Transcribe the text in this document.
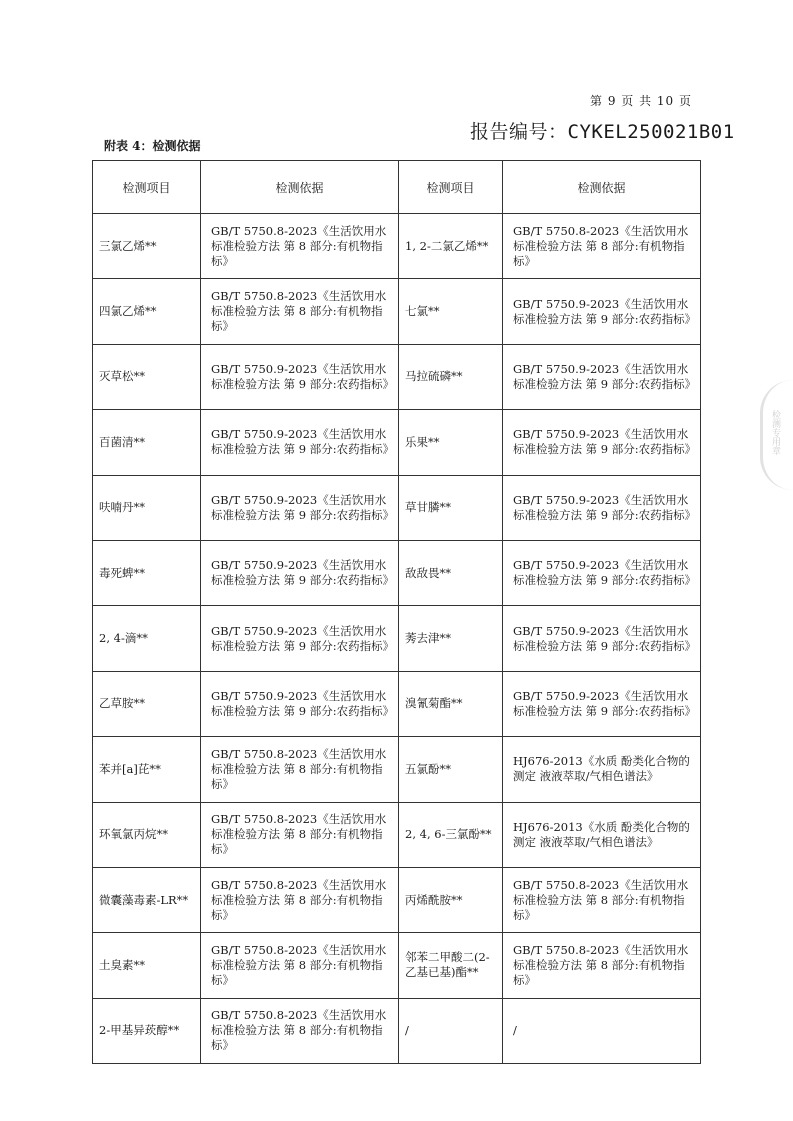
第 9 页 共 10 页
报告编号：CYKEL250021B01
附表 4：检测依据
检测项目	检测依据	检测项目	检测依据
三氯乙烯**	GB/T 5750.8-2023《生活饮用水标准检验方法 第 8 部分:有机物指标》	1, 2-二氯乙烯**	GB/T 5750.8-2023《生活饮用水标准检验方法 第 8 部分:有机物指标》
四氯乙烯**	GB/T 5750.8-2023《生活饮用水标准检验方法 第 8 部分:有机物指标》	七氯**	GB/T 5750.9-2023《生活饮用水标准检验方法 第 9 部分:农药指标》
灭草松**	GB/T 5750.9-2023《生活饮用水标准检验方法 第 9 部分:农药指标》	马拉硫磷**	GB/T 5750.9-2023《生活饮用水标准检验方法 第 9 部分:农药指标》
百菌清**	GB/T 5750.9-2023《生活饮用水标准检验方法 第 9 部分:农药指标》	乐果**	GB/T 5750.9-2023《生活饮用水标准检验方法 第 9 部分:农药指标》
呋喃丹**	GB/T 5750.9-2023《生活饮用水标准检验方法 第 9 部分:农药指标》	草甘膦**	GB/T 5750.9-2023《生活饮用水标准检验方法 第 9 部分:农药指标》
毒死蜱**	GB/T 5750.9-2023《生活饮用水标准检验方法 第 9 部分:农药指标》	敌敌畏**	GB/T 5750.9-2023《生活饮用水标准检验方法 第 9 部分:农药指标》
2, 4-滴**	GB/T 5750.9-2023《生活饮用水标准检验方法 第 9 部分:农药指标》	莠去津**	GB/T 5750.9-2023《生活饮用水标准检验方法 第 9 部分:农药指标》
乙草胺**	GB/T 5750.9-2023《生活饮用水标准检验方法 第 9 部分:农药指标》	溴氰菊酯**	GB/T 5750.9-2023《生活饮用水标准检验方法 第 9 部分:农药指标》
苯并[a]芘**	GB/T 5750.8-2023《生活饮用水标准检验方法 第 8 部分:有机物指标》	五氯酚**	HJ676-2013《水质 酚类化合物的测定 液液萃取/气相色谱法》
环氧氯丙烷**	GB/T 5750.8-2023《生活饮用水标准检验方法 第 8 部分:有机物指标》	2, 4, 6-三氯酚**	HJ676-2013《水质 酚类化合物的测定 液液萃取/气相色谱法》
微囊藻毒素-LR**	GB/T 5750.8-2023《生活饮用水标准检验方法 第 8 部分:有机物指标》	丙烯酰胺**	GB/T 5750.8-2023《生活饮用水标准检验方法 第 8 部分:有机物指标》
土臭素**	GB/T 5750.8-2023《生活饮用水标准检验方法 第 8 部分:有机物指标》	邻苯二甲酸二(2-乙基已基)酯**	GB/T 5750.8-2023《生活饮用水标准检验方法 第 8 部分:有机物指标》
2-甲基异莰醇**	GB/T 5750.8-2023《生活饮用水标准检验方法 第 8 部分:有机物指标》	/	/
检测专用章
